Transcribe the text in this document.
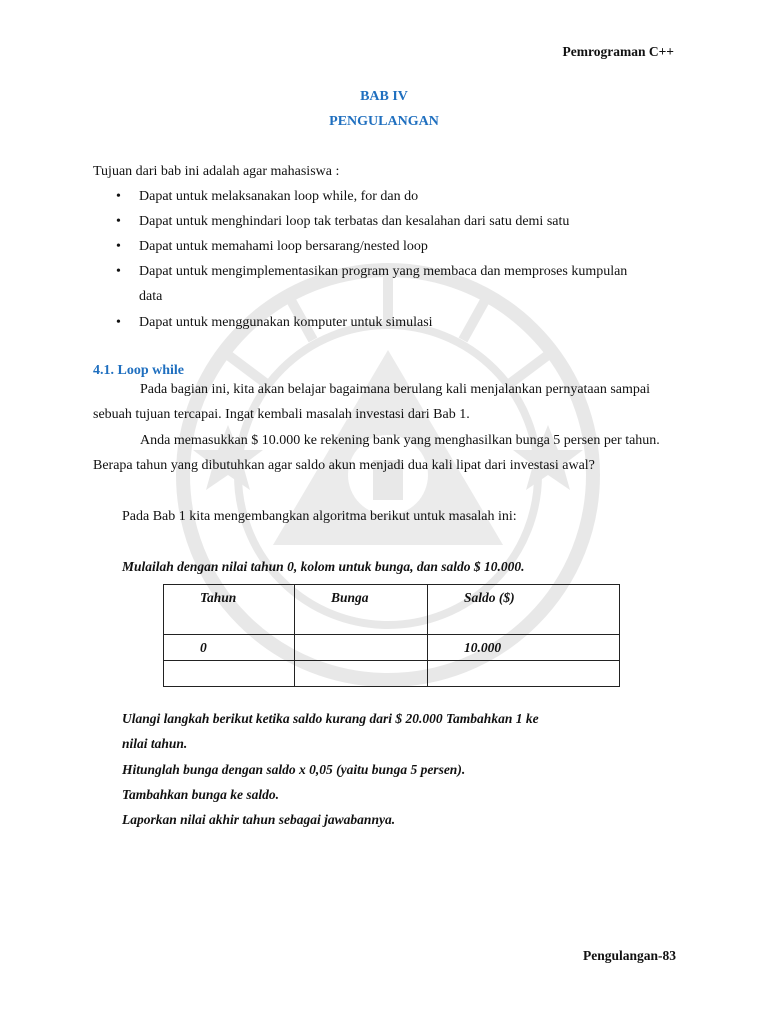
Pemrograman C++
BAB IV
PENGULANGAN
Tujuan dari bab ini adalah agar mahasiswa :
• Dapat untuk melaksanakan loop while, for dan do
• Dapat untuk menghindari loop tak terbatas dan kesalahan dari satu demi satu
• Dapat untuk memahami loop bersarang/nested loop
• Dapat untuk mengimplementasikan program yang membaca dan memproses kumpulan data
• Dapat untuk menggunakan komputer untuk simulasi
4.1. Loop while

Pada bagian ini, kita akan belajar bagaimana berulang kali menjalankan pernyataan sampai sebuah tujuan tercapai. Ingat kembali masalah investasi dari Bab 1.

Anda memasukkan $ 10.000 ke rekening bank yang menghasilkan bunga 5 persen per tahun. Berapa tahun yang dibutuhkan agar saldo akun menjadi dua kali lipat dari investasi awal?

Pada Bab 1 kita mengembangkan algoritma berikut untuk masalah ini:

Mulailah dengan nilai tahun 0, kolom untuk bunga, dan saldo $ 10.000.
Tahun	Bunga	Saldo ($)
0		10.000

Ulangi langkah berikut ketika saldo kurang dari $ 20.000 Tambahkan 1 ke
nilai tahun.
Hitunglah bunga dengan saldo x 0,05 (yaitu bunga 5 persen).
Tambahkan bunga ke saldo.
Laporkan nilai akhir tahun sebagai jawabannya.
Pengulangan-83
